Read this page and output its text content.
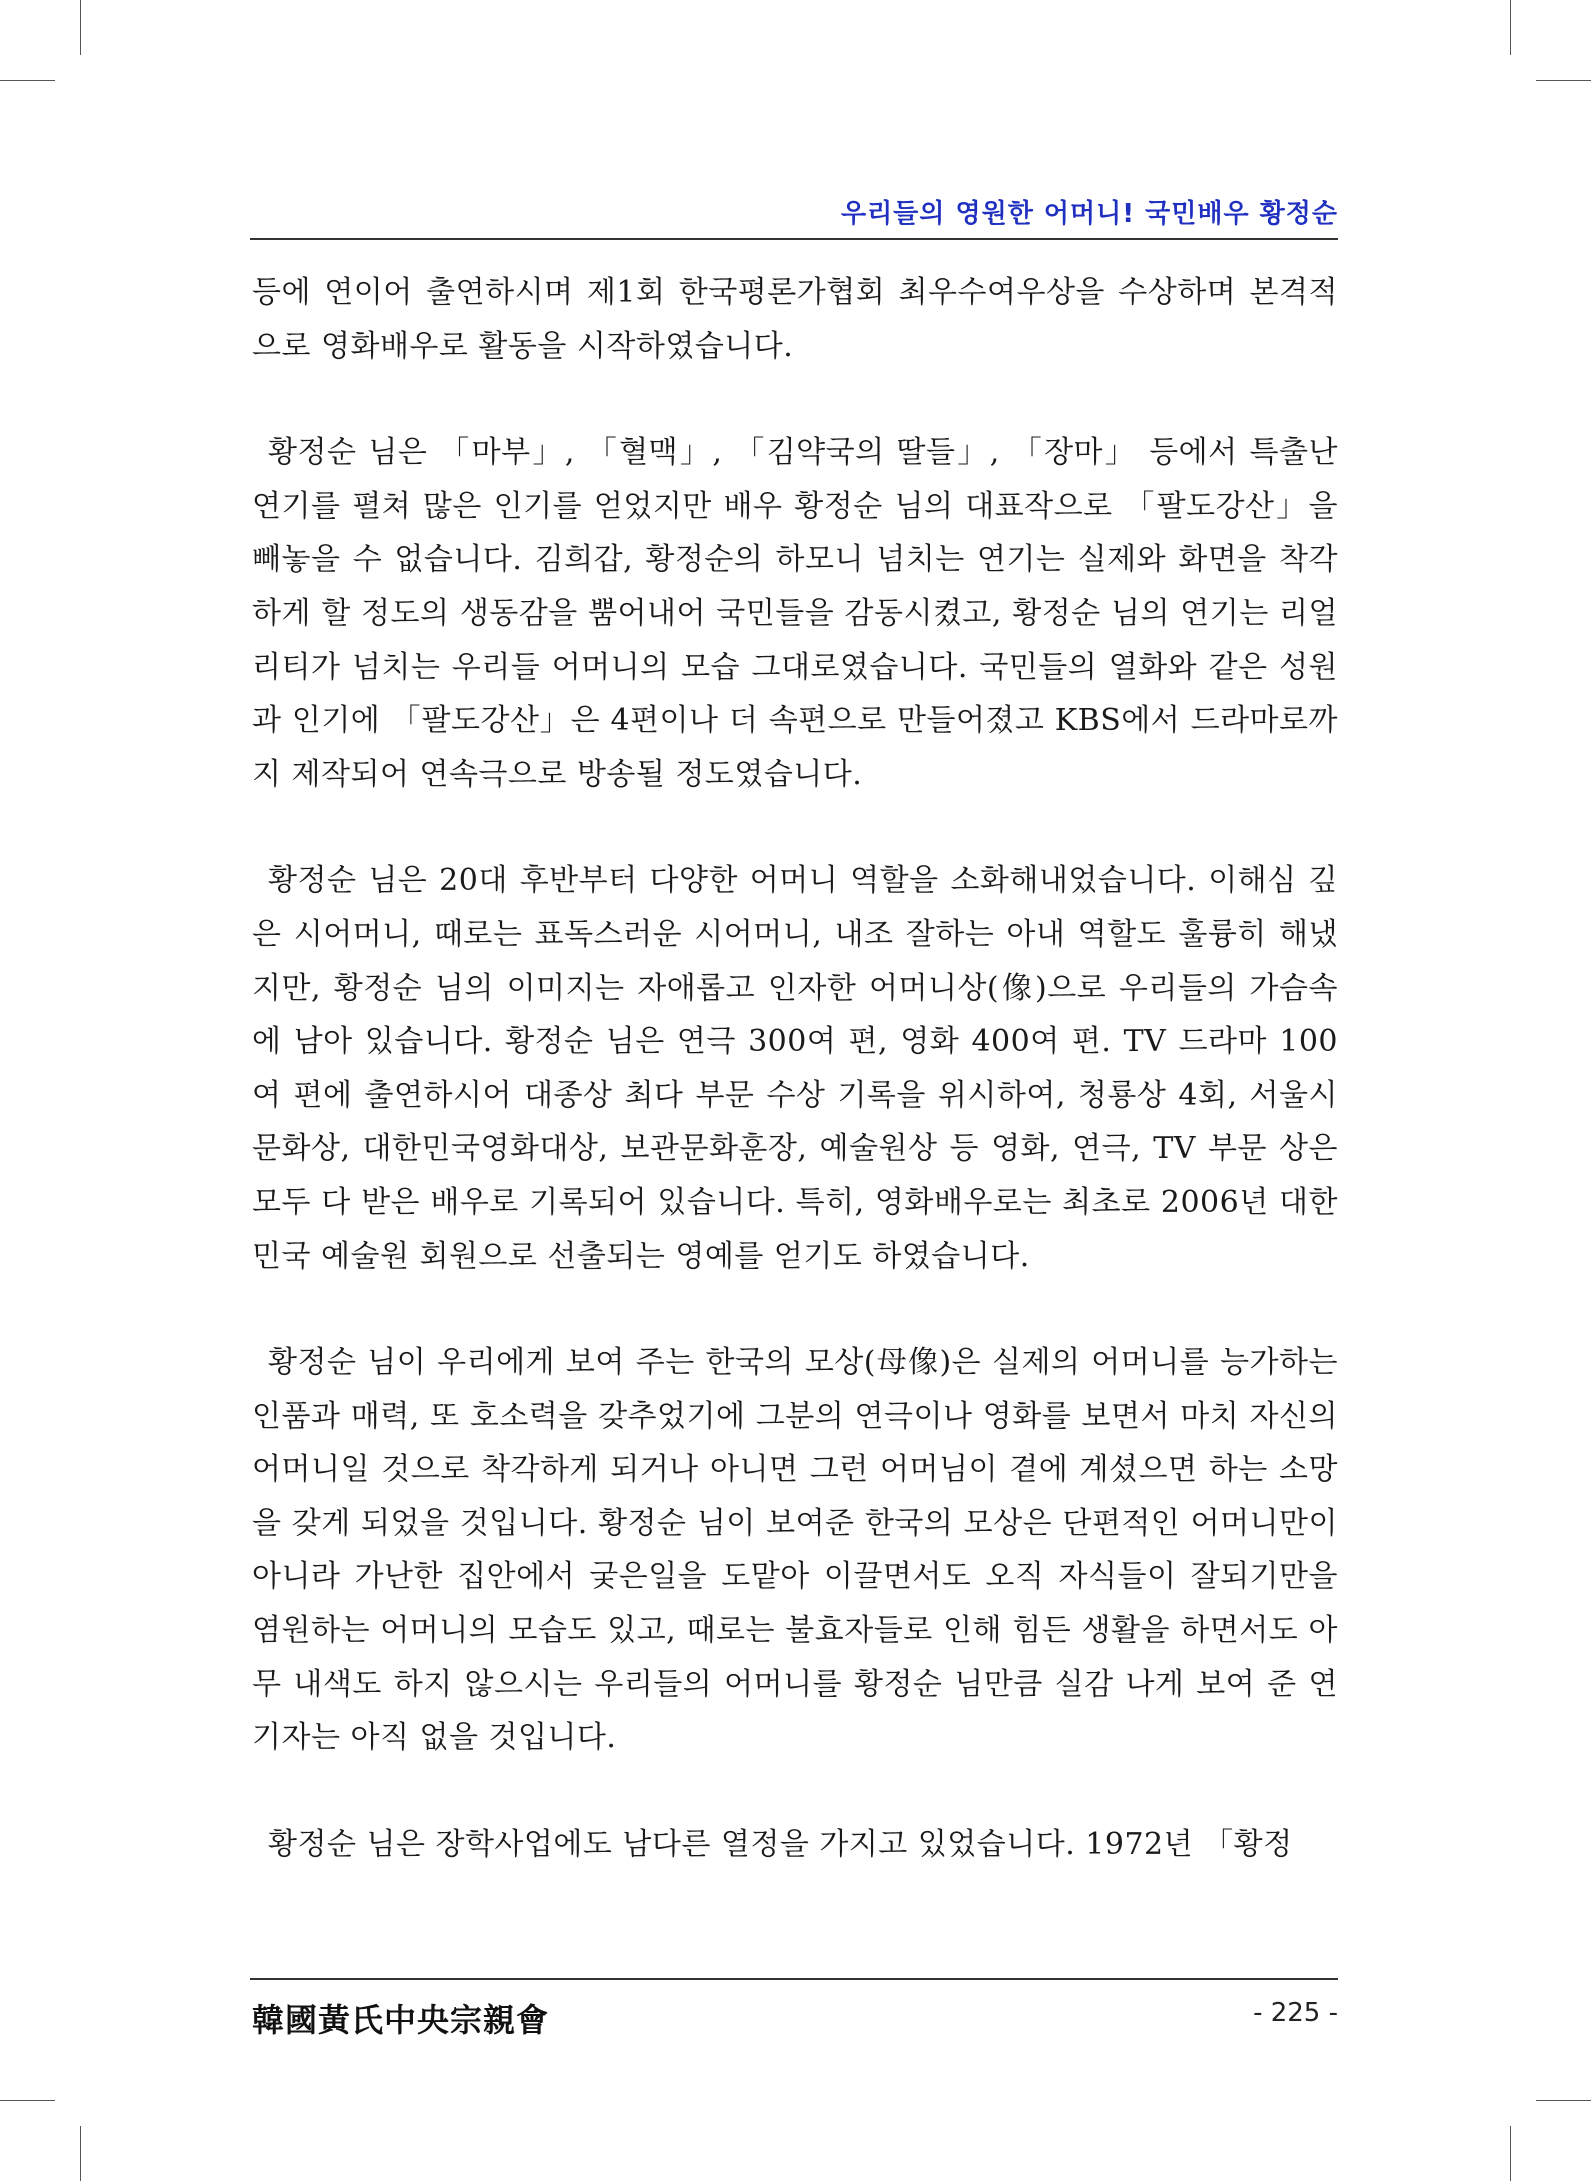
우리들의 영원한 어머니! 국민배우 황정순

등에 연이어 출연하시며 제1회 한국평론가협회 최우수여우상을 수상하며 본격적으로 영화배우로 활동을 시작하였습니다.

황정순 님은 「마부」, 「혈맥」, 「김약국의 딸들」, 「장마」 등에서 특출난 연기를 펼쳐 많은 인기를 얻었지만 배우 황정순 님의 대표작으로 「팔도강산」을 빼놓을 수 없습니다. 김희갑, 황정순의 하모니 넘치는 연기는 실제와 화면을 착각하게 할 정도의 생동감을 뿜어내어 국민들을 감동시켰고, 황정순 님의 연기는 리얼리티가 넘치는 우리들 어머니의 모습 그대로였습니다. 국민들의 열화와 같은 성원과 인기에 「팔도강산」은 4편이나 더 속편으로 만들어졌고 KBS에서 드라마로까지 제작되어 연속극으로 방송될 정도였습니다.

황정순 님은 20대 후반부터 다양한 어머니 역할을 소화해내었습니다. 이해심 깊은 시어머니, 때로는 표독스러운 시어머니, 내조 잘하는 아내 역할도 훌륭히 해냈지만, 황정순 님의 이미지는 자애롭고 인자한 어머니상(像)으로 우리들의 가슴속에 남아 있습니다. 황정순 님은 연극 300여 편, 영화 400여 편. TV 드라마 100여 편에 출연하시어 대종상 최다 부문 수상 기록을 위시하여, 청룡상 4회, 서울시문화상, 대한민국영화대상, 보관문화훈장, 예술원상 등 영화, 연극, TV 부문 상은 모두 다 받은 배우로 기록되어 있습니다. 특히, 영화배우로는 최초로 2006년 대한민국 예술원 회원으로 선출되는 영예를 얻기도 하였습니다.

황정순 님이 우리에게 보여 주는 한국의 모상(母像)은 실제의 어머니를 능가하는 인품과 매력, 또 호소력을 갖추었기에 그분의 연극이나 영화를 보면서 마치 자신의 어머니일 것으로 착각하게 되거나 아니면 그런 어머님이 곁에 계셨으면 하는 소망을 갖게 되었을 것입니다. 황정순 님이 보여준 한국의 모상은 단편적인 어머니만이 아니라 가난한 집안에서 궂은일을 도맡아 이끌면서도 오직 자식들이 잘되기만을 염원하는 어머니의 모습도 있고, 때로는 불효자들로 인해 힘든 생활을 하면서도 아무 내색도 하지 않으시는 우리들의 어머니를 황정순 님만큼 실감 나게 보여 준 연기자는 아직 없을 것입니다.

황정순 님은 장학사업에도 남다른 열정을 가지고 있었습니다. 1972년 「황정

韓國黃氏中央宗親會	- 225 -
